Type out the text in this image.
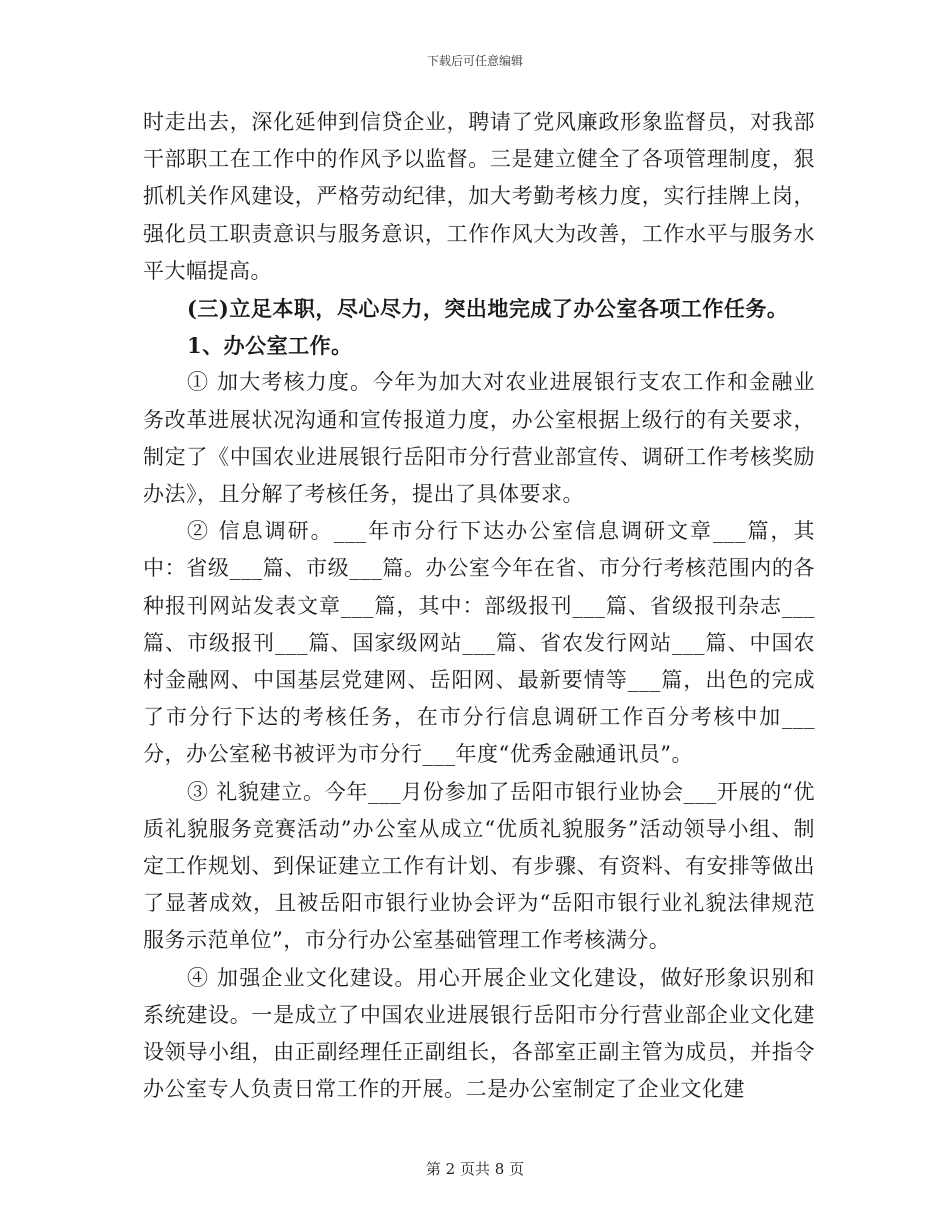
下载后可任意编辑

时走出去，深化延伸到信贷企业，聘请了党风廉政形象监督员，对我部干部职工在工作中的作风予以监督。三是建立健全了各项管理制度，狠抓机关作风建设，严格劳动纪律，加大考勤考核力度，实行挂牌上岗，强化员工职责意识与服务意识，工作作风大为改善，工作水平与服务水平大幅提高。

(三)立足本职，尽心尽力，突出地完成了办公室各项工作任务。

1、办公室工作。

① 加大考核力度。今年为加大对农业进展银行支农工作和金融业务改革进展状况沟通和宣传报道力度，办公室根据上级行的有关要求，制定了《中国农业进展银行岳阳市分行营业部宣传、调研工作考核奖励办法》，且分解了考核任务，提出了具体要求。

② 信息调研。___年市分行下达办公室信息调研文章___篇，其中：省级___篇、市级___篇。办公室今年在省、市分行考核范围内的各种报刊网站发表文章___篇，其中：部级报刊___篇、省级报刊杂志___篇、市级报刊___篇、国家级网站___篇、省农发行网站___篇、中国农村金融网、中国基层党建网、岳阳网、最新要情等___篇，出色的完成了市分行下达的考核任务，在市分行信息调研工作百分考核中加___分，办公室秘书被评为市分行___年度“优秀金融通讯员”。

③ 礼貌建立。今年___月份参加了岳阳市银行业协会___开展的“优质礼貌服务竞赛活动”办公室从成立“优质礼貌服务”活动领导小组、制定工作规划、到保证建立工作有计划、有步骤、有资料、有安排等做出了显著成效，且被岳阳市银行业协会评为“岳阳市银行业礼貌法律规范服务示范单位”，市分行办公室基础管理工作考核满分。

④ 加强企业文化建设。用心开展企业文化建设，做好形象识别和系统建设。一是成立了中国农业进展银行岳阳市分行营业部企业文化建设领导小组，由正副经理任正副组长，各部室正副主管为成员，并指令办公室专人负责日常工作的开展。二是办公室制定了企业文化建

第 2 页共 8 页
